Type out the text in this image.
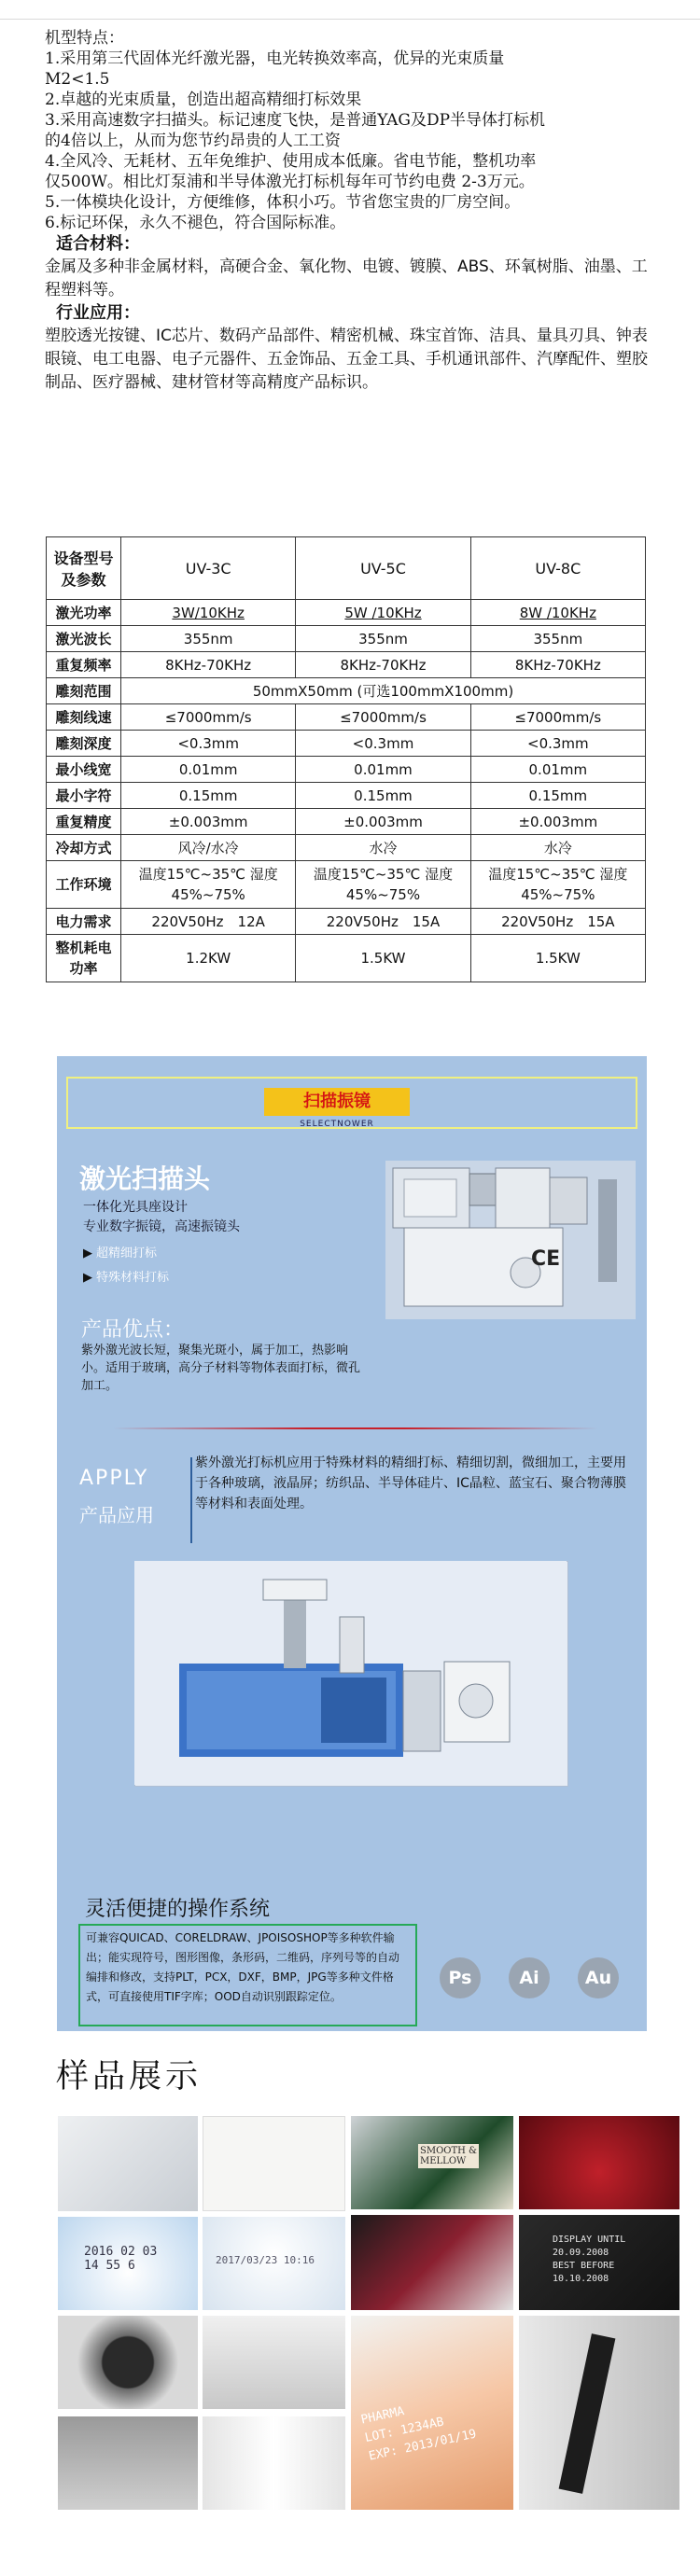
机型特点：
1.采用第三代固体光纤激光器，电光转换效率高，优异的光束质量
M2<1.5
2.卓越的光束质量，创造出超高精细打标效果
3.采用高速数字扫描头。标记速度飞快，是普通YAG及DP半导体打标机
的4倍以上，从而为您节约昂贵的人工工资
4.全风冷、无耗材、五年免维护、使用成本低廉。省电节能，整机功率
仅500W。相比灯泵浦和半导体激光打标机每年可节约电费 2-3万元。
5.一体模块化设计，方便维修，体积小巧。节省您宝贵的厂房空间。
6.标记环保，永久不褪色，符合国际标准。
适合材料：
金属及多种非金属材料，高硬合金、氧化物、电镀、镀膜、ABS、环氧树脂、油墨、工程塑料等。
行业应用：
塑胶透光按键、IC芯片、数码产品部件、精密机械、珠宝首饰、洁具、量具刃具、钟表眼镜、电工电器、电子元器件、五金饰品、五金工具、手机通讯部件、汽摩配件、塑胶制品、医疗器械、建材管材等高精度产品标识。
设备型号及参数	UV-3C	UV-5C	UV-8C
激光功率	3W/10KHz	5W /10KHz	8W /10KHz
激光波长	355nm	355nm	355nm
重复频率	8KHz-70KHz	8KHz-70KHz	8KHz-70KHz
雕刻范围	50mmX50mm (可选100mmX100mm)		
雕刻线速	≤7000mm/s	≤7000mm/s	≤7000mm/s
雕刻深度	<0.3mm	<0.3mm	<0.3mm
最小线宽	0.01mm	0.01mm	0.01mm
最小字符	0.15mm	0.15mm	0.15mm
重复精度	±0.003mm	±0.003mm	±0.003mm
冷却方式	风冷/水冷	水冷	水冷
工作环境	温度15℃~35℃ 湿度 45%~75%	温度15℃~35℃ 湿度 45%~75%	温度15℃~35℃ 湿度 45%~75%
电力需求	220V50Hz　12A	220V50Hz　15A	220V50Hz　15A
整机耗电功率	1.2KW	1.5KW	1.5KW
扫描振镜
SELECTNOWER
激光扫描头
一体化光具座设计
专业数字振镜，高速振镜头
▶ 超精细打标
▶ 特殊材料打标
CE
产品优点：
紫外激光波长短，聚集光斑小，属于加工，热影响小。适用于玻璃，高分子材料等物体表面打标，微孔加工。
APPLY
产品应用
紫外激光打标机应用于特殊材料的精细打标、精细切割，微细加工，主要用于各种玻璃，液晶屏；纺织品、半导体硅片、IC晶粒、蓝宝石、聚合物薄膜等材料和表面处理。
灵活便捷的操作系统
可兼容QUICAD、CORELDRAW、JPOISOSHOP等多种软件输出；能实现符号，图形图像，条形码，二维码，序列号等的自动编排和修改，支持PLT，PCX，DXF，BMP，JPG等多种文件格式，可直接使用TIF字库；OOD自动识别跟踪定位。
Ps	Ai	Au
样品展示
2016 02 03
14 55 6	2017/03/23 10:16
SMOOTH &
MELLOW
DISPLAY UNTIL
20.09.2008
BEST BEFORE
10.10.2008
PHARMA
LOT: 1234AB
EXP: 2013/01/19
